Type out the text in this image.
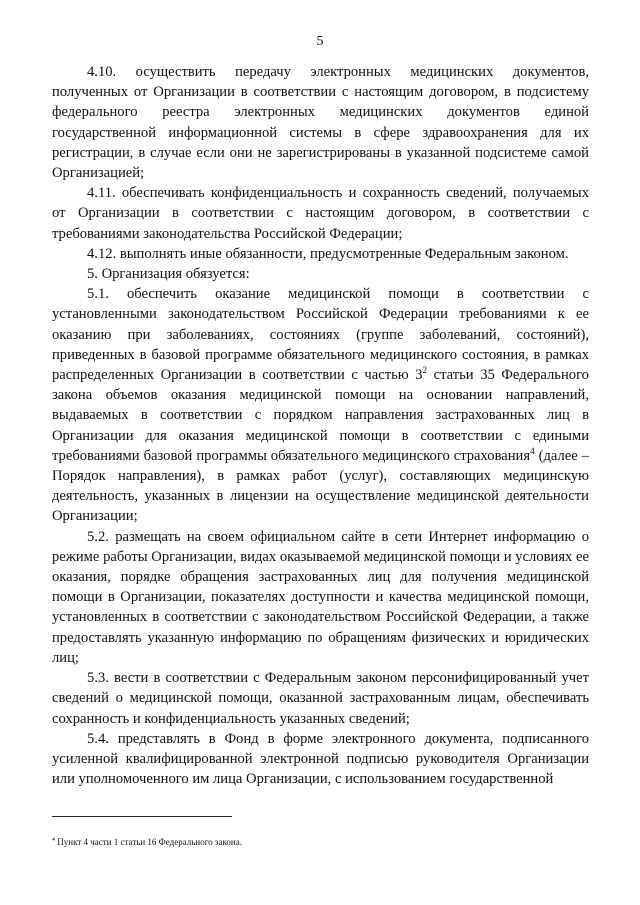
5

4.10. осуществить передачу электронных медицинских документов, полученных от Организации в соответствии с настоящим договором, в подсистему федерального реестра электронных медицинских документов единой государственной информационной системы в сфере здравоохранения для их регистрации, в случае если они не зарегистрированы в указанной подсистеме самой Организацией;

4.11. обеспечивать конфиденциальность и сохранность сведений, получаемых от Организации в соответствии с настоящим договором, в соответствии с требованиями законодательства Российской Федерации;

4.12. выполнять иные обязанности, предусмотренные Федеральным законом.

5. Организация обязуется:

5.1. обеспечить оказание медицинской помощи в соответствии с установленными законодательством Российской Федерации требованиями к ее оказанию при заболеваниях, состояниях (группе заболеваний, состояний), приведенных в базовой программе обязательного медицинского состояния, в рамках распределенных Организации в соответствии с частью $3^2$ статьи 35 Федерального закона объемов оказания медицинской помощи на основании направлений, выдаваемых в соответствии с порядком направления застрахованных лиц в Организации для оказания медицинской помощи в соответствии с едиными требованиями базовой программы обязательного медицинского страхования$^4$ (далее – Порядок направления), в рамках работ (услуг), составляющих медицинскую деятельность, указанных в лицензии на осуществление медицинской деятельности Организации;

5.2. размещать на своем официальном сайте в сети Интернет информацию о режиме работы Организации, видах оказываемой медицинской помощи и условиях ее оказания, порядке обращения застрахованных лиц для получения медицинской помощи в Организации, показателях доступности и качества медицинской помощи, установленных в соответствии с законодательством Российской Федерации, а также предоставлять указанную информацию по обращениям физических и юридических лиц;

5.3. вести в соответствии с Федеральным законом персонифицированный учет сведений о медицинской помощи, оказанной застрахованным лицам, обеспечивать сохранность и конфиденциальность указанных сведений;

5.4. представлять в Фонд в форме электронного документа, подписанного усиленной квалифицированной электронной подписью руководителя Организации или уполномоченного им лица Организации, с использованием государственной

$^4$ Пункт 4 части 1 статьи 16 Федерального закона.
